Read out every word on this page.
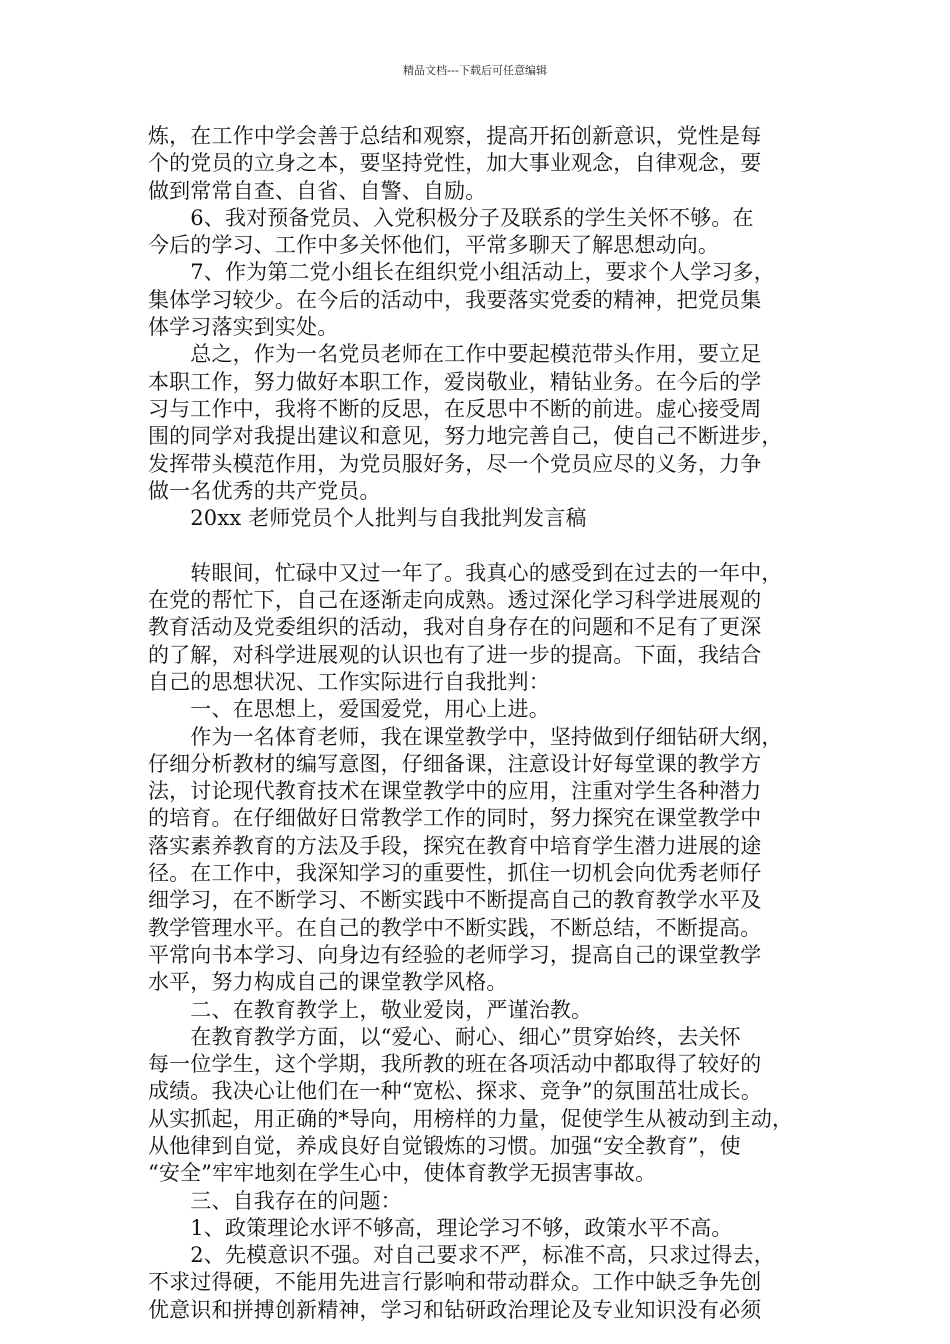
精品文档---下载后可任意编辑
炼，在工作中学会善于总结和观察，提高开拓创新意识，党性是每
个的党员的立身之本，要坚持党性，加大事业观念，自律观念，要
做到常常自查、自省、自警、自励。
　　6、我对预备党员、入党积极分子及联系的学生关怀不够。在
今后的学习、工作中多关怀他们，平常多聊天了解思想动向。
　　7、作为第二党小组长在组织党小组活动上，要求个人学习多，
集体学习较少。在今后的活动中，我要落实党委的精神，把党员集
体学习落实到实处。
　　总之，作为一名党员老师在工作中要起模范带头作用，要立足
本职工作，努力做好本职工作，爱岗敬业，精钻业务。在今后的学
习与工作中，我将不断的反思，在反思中不断的前进。虚心接受周
围的同学对我提出建议和意见，努力地完善自己，使自己不断进步，
发挥带头模范作用，为党员服好务，尽一个党员应尽的义务，力争
做一名优秀的共产党员。
　　20xx 老师党员个人批判与自我批判发言稿
　　转眼间，忙碌中又过一年了。我真心的感受到在过去的一年中，
在党的帮忙下，自己在逐渐走向成熟。透过深化学习科学进展观的
教育活动及党委组织的活动，我对自身存在的问题和不足有了更深
的了解，对科学进展观的认识也有了进一步的提高。下面，我结合
自己的思想状况、工作实际进行自我批判：
　　一、在思想上，爱国爱党，用心上进。
　　作为一名体育老师，我在课堂教学中，坚持做到仔细钻研大纲，
仔细分析教材的编写意图，仔细备课，注意设计好每堂课的教学方
法，讨论现代教育技术在课堂教学中的应用，注重对学生各种潜力
的培育。在仔细做好日常教学工作的同时，努力探究在课堂教学中
落实素养教育的方法及手段，探究在教育中培育学生潜力进展的途
径。在工作中，我深知学习的重要性，抓住一切机会向优秀老师仔
细学习，在不断学习、不断实践中不断提高自己的教育教学水平及
教学管理水平。在自己的教学中不断实践，不断总结，不断提高。
平常向书本学习、向身边有经验的老师学习，提高自己的课堂教学
水平，努力构成自己的课堂教学风格。
　　二、在教育教学上，敬业爱岗，严谨治教。
　　在教育教学方面，以“爱心、耐心、细心”贯穿始终，去关怀
每一位学生，这个学期，我所教的班在各项活动中都取得了较好的
成绩。我决心让他们在一种“宽松、探求、竞争”的氛围茁壮成长。
从实抓起，用正确的*导向，用榜样的力量，促使学生从被动到主动，
从他律到自觉，养成良好自觉锻炼的习惯。加强“安全教育”，使
“安全”牢牢地刻在学生心中，使体育教学无损害事故。
　　三、自我存在的问题：
　　1、政策理论水评不够高，理论学习不够，政策水平不高。
　　2、先模意识不强。对自己要求不严，标准不高，只求过得去，
不求过得硬，不能用先进言行影响和带动群众。工作中缺乏争先创
优意识和拼搏创新精神，学习和钻研政治理论及专业知识没有必须
